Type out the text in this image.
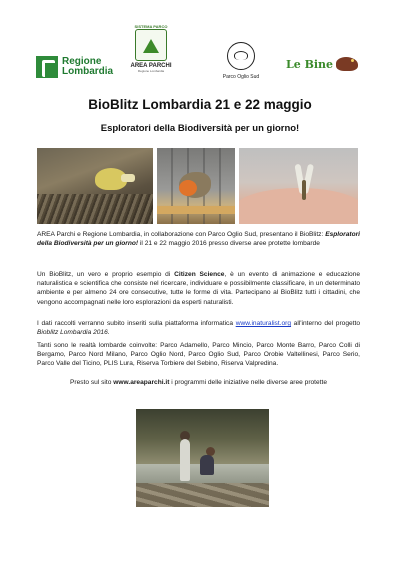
Regione
Lombardia
SISTEMA PARCO
AREA PARCHI
Regione Lombardia
Parco Oglio Sud
Le Bine
BioBlitz Lombardia 21 e 22 maggio
Esploratori della Biodiversità per un giorno!

AREA Parchi e Regione Lombardia, in collaborazione con Parco Oglio Sud, presentano il BioBlitz: Esploratori della Biodiversità per un giorno! il 21 e 22 maggio 2016 presso diverse aree protette lombarde

Un BioBlitz, un vero e proprio esempio di Citizen Science, è un evento di animazione e educazione naturalistica e scientifica che consiste nel ricercare, individuare e possibilmente classificare, in un determinato ambiente e per almeno 24 ore consecutive, tutte le forme di vita. Partecipano al BioBlitz tutti i cittadini, che vengono accompagnati nelle loro esplorazioni da esperti naturalisti.

I dati raccolti verranno subito inseriti sulla piattaforma informatica www.inaturalist.org all'interno del progetto Bioblitz Lombardia 2016.

Tanti sono le realtà lombarde coinvolte: Parco Adamello, Parco Mincio, Parco Monte Barro, Parco Colli di Bergamo, Parco Nord Milano, Parco Oglio Nord, Parco Oglio Sud, Parco Orobie Valtellinesi, Parco Serio, Parco Valle del Ticino, PLIS Lura, Riserva Torbiere del Sebino, Riserva Valpredina.

Presto sul sito www.areaparchi.it i programmi delle iniziative nelle diverse aree protette
